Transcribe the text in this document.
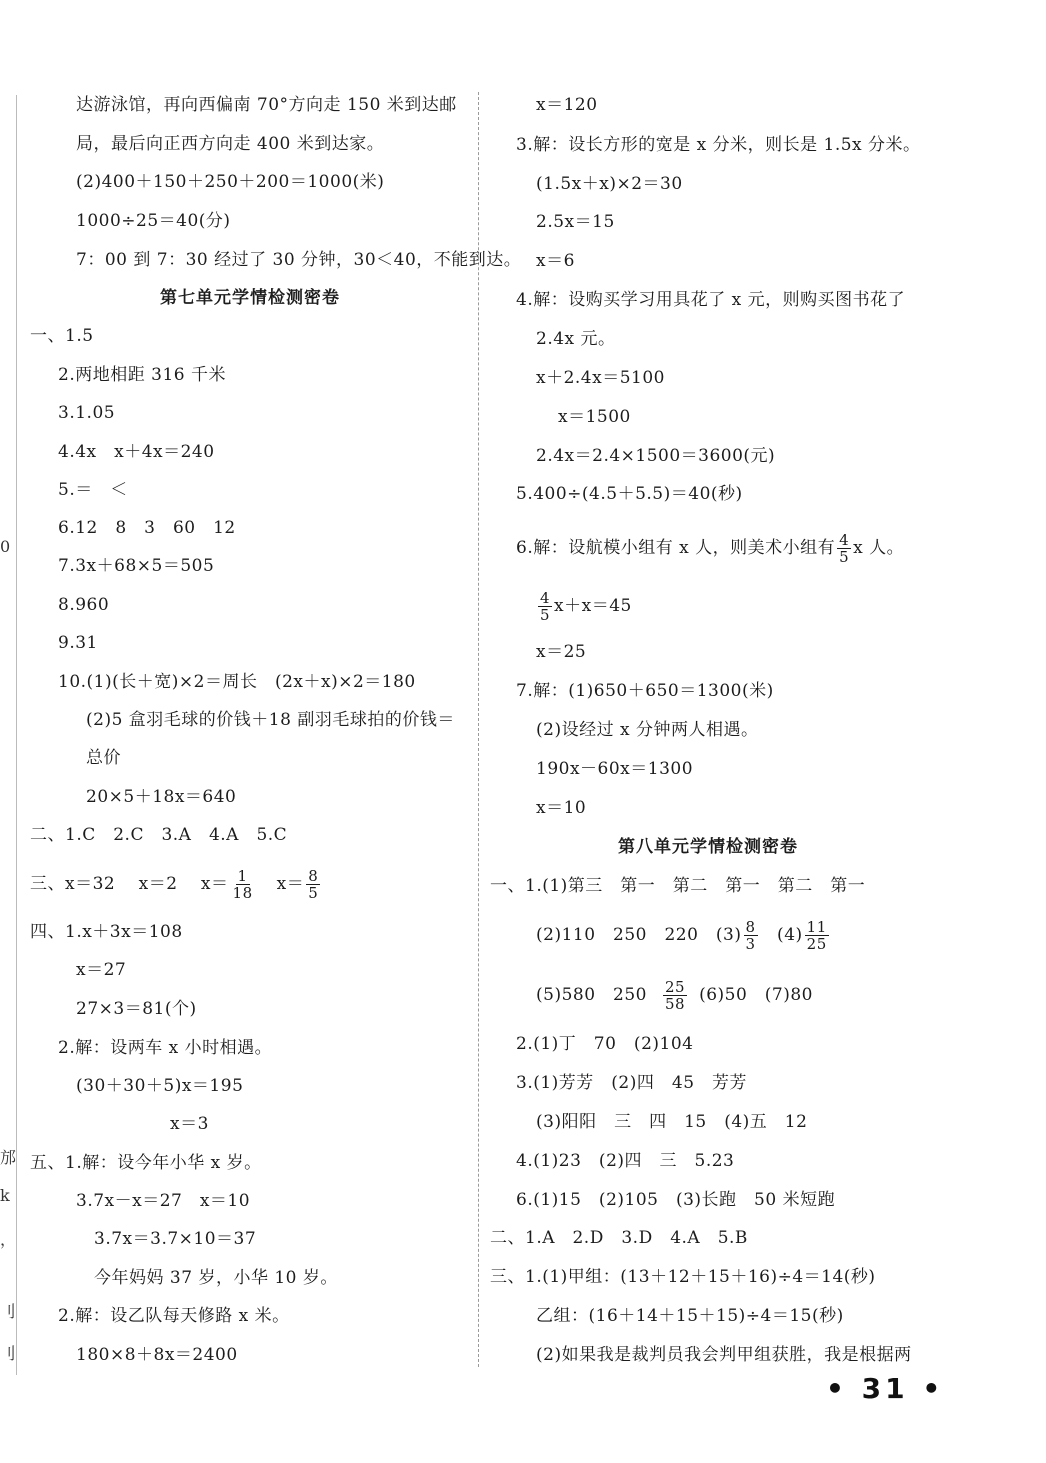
0
邡
k
，
刂
刂
达游泳馆，再向西偏南 70°方向走 150 米到达邮
局，最后向正西方向走 400 米到达家。
(2)400＋150＋250＋200＝1000(米)
1000÷25＝40(分)
7：00 到 7：30 经过了 30 分钟，30＜40，不能到达。
第七单元学情检测密卷
一、1.5
2.两地相距 316 千米
3.1.05
4.4x　x＋4x＝240
5.＝　＜
6.12　8　3　60　12
7.3x＋68×5＝505
8.960
9.31
10.(1)(长＋宽)×2＝周长　(2x＋x)×2＝180
(2)5 盒羽毛球的价钱＋18 副羽毛球拍的价钱＝
总价
20×5＋18x＝640
二、1.C　2.C　3.A　4.A　5.C
三、x＝32　 x＝2　 $x= \frac{1}{18} x= \frac{8}{5}$
四、1.x＋3x＝108
x＝27
27×3＝81(个)
2.解：设两车 x 小时相遇。
(30＋30＋5)x＝195
x＝3
五、1.解：设今年小华 x 岁。
3.7x－x＝27　x＝10
3.7x＝3.7×10＝37
今年妈妈 37 岁，小华 10 岁。
2.解：设乙队每天修路 x 米。
180×8＋8x＝2400
x＝120
3.解：设长方形的宽是 x 分米，则长是 1.5x 分米。
(1.5x＋x)×2＝30
2.5x＝15
x＝6
4.解：设购买学习用具花了 x 元，则购买图书花了
2.4x 元。
x＋2.4x＝5100
x＝1500
2.4x＝2.4×1500＝3600(元)
5.400÷(4.5＋5.5)＝40(秒)
6.解：设航模小组有 x 人，则美术小组有 $\frac{4}{5}$ x 人。
$\frac{4}{5} x+x=45$
x＝25
7.解：(1)650＋650＝1300(米)
(2)设经过 x 分钟两人相遇。
190x－60x＝1300
x＝10
第八单元学情检测密卷
一、1.(1)第三　第一　第二　第一　第二　第一
(2)110　250　220　$(3) \frac{8}{3}$ 　$(4) \frac{11}{25}$
(5)580　$250 \frac{25}{58} (6)50$　(7)80
2.(1)丁　70　(2)104
3.(1)芳芳　(2)四　45　芳芳
(3)阳阳　三　四　15　(4)五　12
4.(1)23　(2)四　三　5.23
6.(1)15　(2)105　(3)长跑　50 米短跑
二、1.A　2.D　3.D　4.A　5.B
三、1.(1)甲组：(13＋12＋15＋16)÷4＝14(秒)
乙组：(16＋14＋15＋15)÷4＝15(秒)
(2)如果我是裁判员我会判甲组获胜，我是根据两
• 31 •
